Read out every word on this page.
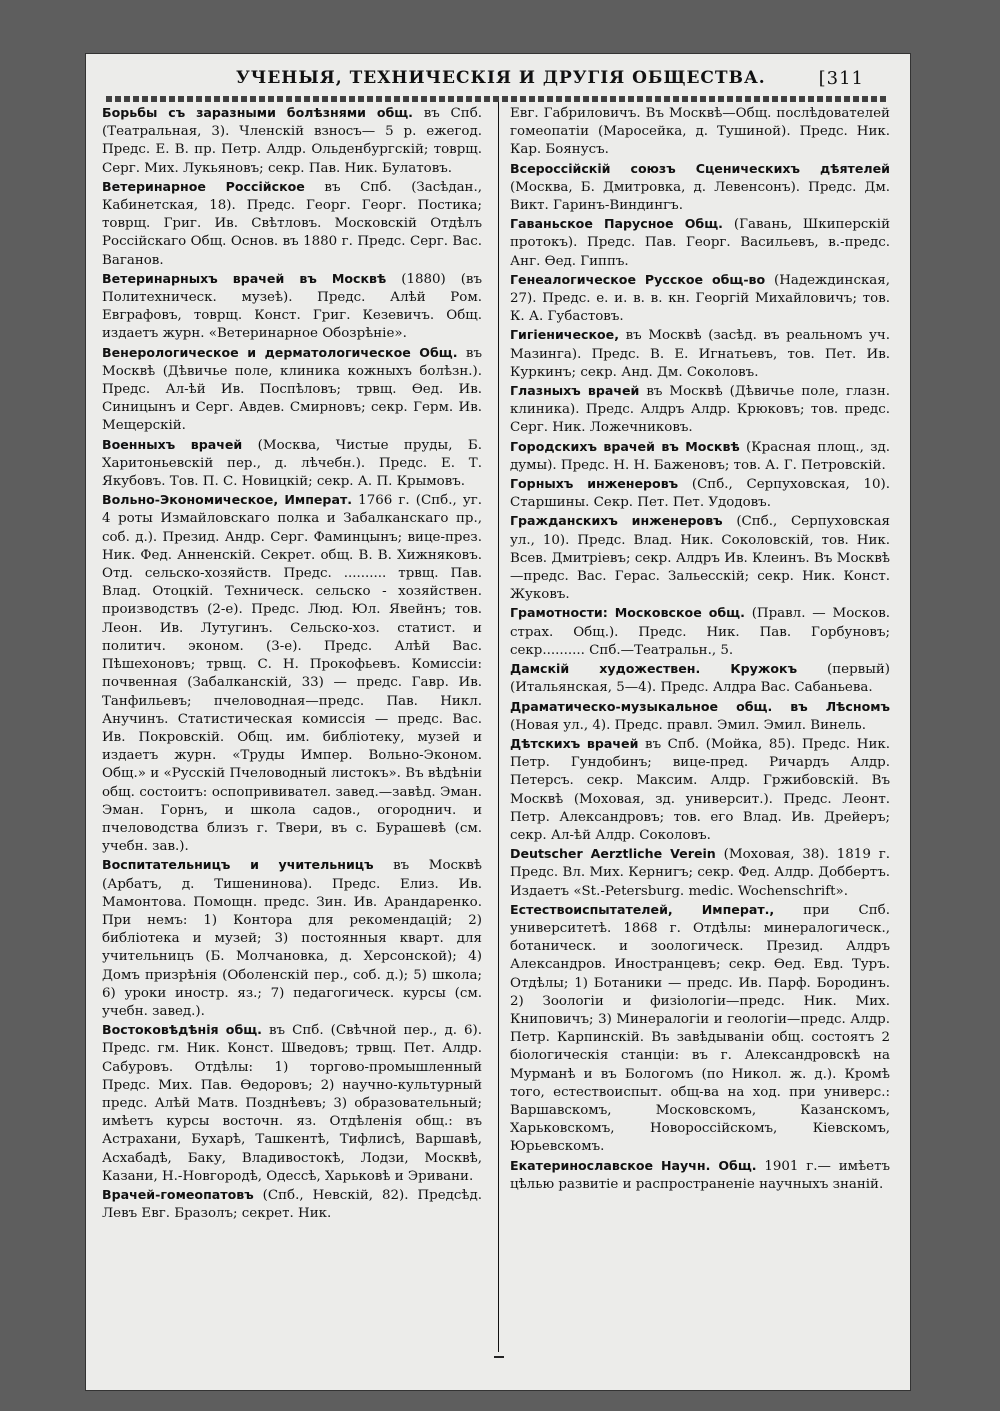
УЧЕНЫЯ, ТЕХНИЧЕСКІЯ И ДРУГІЯ ОБЩЕСТВА.	[311
Борьбы съ заразными болѣзнями общ. въ Спб. (Театральная, 3). Членскій взносъ— 5 р. ежегод. Предс. Е. В. пр. Петр. Алдр. Ольденбургскій; товрщ. Серг. Мих. Лукьяновъ; секр. Пав. Ник. Булатовъ.
Ветеринарное Россійское въ Спб. (Засѣдан., Кабинетская, 18). Предс. Георг. Георг. Постика; товрщ. Григ. Ив. Свѣтловъ. Московскій Отдѣлъ Россійскаго Общ. Основ. въ 1880 г. Предс. Серг. Вас. Ваганов.
Ветеринарныхъ врачей въ Москвѣ (1880) (въ Политехническ. музеѣ). Предс. Алѣй Ром. Евграфовъ, товрщ. Конст. Григ. Кезевичъ. Общ. издаетъ журн. «Ветеринарное Обозрѣніе».
Венерологическое и дерматологическое Общ. въ Москвѣ (Дѣвичье поле, клиника кожныхъ болѣзн.). Предс. Ал-ѣй Ив. Поспѣловъ; трвщ. Ѳед. Ив. Синицынъ и Серг. Авдев. Смирновъ; секр. Герм. Ив. Мещерскій.
Военныхъ врачей (Москва, Чистые пруды, Б. Харитоньевскій пер., д. лѣчебн.). Предс. Е. Т. Якубовъ. Тов. П. С. Новицкій; секр. А. П. Крымовъ.
Вольно-Экономическое, Императ. 1766 г. (Спб., уг. 4 роты Измайловскаго полка и Забалканскаго пр., соб. д.). Презид. Андр. Серг. Фаминцынъ; вице-през. Ник. Фед. Анненскій. Секрет. общ. В. В. Хижняковъ. Отд. сельско-хозяйств. Предс. .......... трвщ. Пав. Влад. Отоцкій. Техническ. сельско - хозяйствен. производствъ (2-е). Предс. Люд. Юл. Явейнъ; тов. Леон. Ив. Лутугинъ. Сельско-хоз. статист. и политич. эконом. (3-е). Предс. Алѣй Вас. Пѣшехоновъ; трвщ. С. Н. Прокофьевъ. Комиссіи: почвенная (Забалканскій, 33) — предс. Гавр. Ив. Танфильевъ; пчеловодная—предс. Пав. Никл. Анучинъ. Статистическая комиссія — предс. Вас. Ив. Покровскій. Общ. им. библіотеку, музей и издаетъ журн. «Труды Импер. Вольно-Эконом. Общ.» и «Русскій Пчеловодный листокъ». Въ вѣдѣніи общ. состоитъ: оспопрививател. завед.—завѣд. Эман. Эман. Горнъ, и школа садов., огороднич. и пчеловодства близъ г. Твери, въ с. Бурашевѣ (см. учебн. зав.).
Воспитательницъ и учительницъ въ Москвѣ (Арбатъ, д. Тишенинова). Предс. Елиз. Ив. Мамонтова. Помощн. предс. Зин. Ив. Арандаренко. При немъ: 1) Контора для рекомендацій; 2) библіотека и музей; 3) постоянныя кварт. для учительницъ (Б. Молчановка, д. Херсонской); 4) Домъ призрѣнія (Оболенскій пер., соб. д.); 5) школа; 6) уроки иностр. яз.; 7) педагогическ. курсы (см. учебн. завед.).
Востоковѣдѣнія общ. въ Спб. (Свѣчной пер., д. 6). Предс. гм. Ник. Конст. Шведовъ; трвщ. Пет. Алдр. Сабуровъ. Отдѣлы: 1) торгово-промышленный Предс. Мих. Пав. Ѳедоровъ; 2) научно-культурный предс. Алѣй Матв. Позднѣевъ; 3) образовательный; имѣетъ курсы восточн. яз. Отдѣленія общ.: въ Астрахани, Бухарѣ, Ташкентѣ, Тифлисѣ, Варшавѣ, Асхабадѣ, Баку, Владивостокѣ, Лодзи, Москвѣ, Казани, Н.-Новгородѣ, Одессѣ, Харьковѣ и Эривани.
Врачей-гомеопатовъ (Спб., Невскій, 82). Предсѣд. Левъ Евг. Бразолъ; секрет. Ник.
Евг. Габриловичъ. Въ Москвѣ—Общ. послѣдователей гомеопатіи (Маросейка, д. Тушиной). Предс. Ник. Кар. Боянусъ.
Всероссійскій союзъ Сценическихъ дѣятелей (Москва, Б. Дмитровка, д. Левенсонъ). Предс. Дм. Викт. Гаринъ-Виндингъ.
Гаваньское Парусное Общ. (Гавань, Шкиперскій протокъ). Предс. Пав. Георг. Васильевъ, в.-предс. Анг. Ѳед. Гиппъ.
Генеалогическое Русское общ-во (Надеждинская, 27). Предс. е. и. в. в. кн. Георгій Михайловичъ; тов. К. А. Губастовъ.
Гигіеническое, въ Москвѣ (засѣд. въ реальномъ уч. Мазинга). Предс. В. Е. Игнатьевъ, тов. Пет. Ив. Куркинъ; секр. Анд. Дм. Соколовъ.
Глазныхъ врачей въ Москвѣ (Дѣвичье поле, глазн. клиника). Предс. Алдръ Алдр. Крюковъ; тов. предс. Серг. Ник. Ложечниковъ.
Городскихъ врачей въ Москвѣ (Красная площ., зд. думы). Предс. Н. Н. Баженовъ; тов. А. Г. Петровскій.
Горныхъ инженеровъ (Спб., Серпуховская, 10). Старшины. Секр. Пет. Пет. Удодовъ.
Гражданскихъ инженеровъ (Спб., Серпуховская ул., 10). Предс. Влад. Ник. Соколовскій, тов. Ник. Всев. Дмитріевъ; секр. Алдръ Ив. Клеинъ. Въ Москвѣ—предс. Вас. Герас. Зальесскій; секр. Ник. Конст. Жуковъ.
Грамотности: Московское общ. (Правл. — Москов. страх. Общ.). Предс. Ник. Пав. Горбуновъ; секр.......... Спб.—Театральн., 5.
Дамскій художествен. Кружокъ (первый) (Итальянская, 5—4). Предс. Алдра Вас. Сабаньева.
Драматическо-музыкальное общ. въ Лѣсномъ (Новая ул., 4). Предс. правл. Эмил. Эмил. Винель.
Дѣтскихъ врачей въ Спб. (Мойка, 85). Предс. Ник. Петр. Гундобинъ; вице-пред. Ричардъ Алдр. Петерсъ. секр. Максим. Алдр. Гржибовскій. Въ Москвѣ (Моховая, зд. университ.). Предс. Леонт. Петр. Александровъ; тов. его Влад. Ив. Дрейеръ; секр. Ал-ѣй Алдр. Соколовъ.
Deutscher Aerztliche Verein (Моховая, 38). 1819 г. Предс. Вл. Мих. Кернигъ; секр. Фед. Алдр. Доббертъ. Издаетъ «St.-Petersburg. medic. Wochenschrift».
Естествоиспытателей, Императ., при Спб. университетѣ. 1868 г. Отдѣлы: минералогическ., ботаническ. и зоологическ. Презид. Алдръ Александров. Иностранцевъ; секр. Ѳед. Евд. Туръ. Отдѣлы; 1) Ботаники — предс. Ив. Парф. Бородинъ. 2) Зоологіи и физіологіи—предс. Ник. Мих. Книповичъ; 3) Минералогіи и геологіи—предс. Алдр. Петр. Карпинскій. Въ завѣдываніи общ. состоятъ 2 біологическія станціи: въ г. Александровскѣ на Мурманѣ и въ Бологомъ (по Никол. ж. д.). Кромѣ того, естествоиспыт. общ-ва на ход. при универс.: Варшавскомъ, Московскомъ, Казанскомъ, Харьковскомъ, Новороссійскомъ, Кіевскомъ, Юрьевскомъ.
Екатеринославское Научн. Общ. 1901 г.— имѣетъ цѣлью развитіе и распространеніе научныхъ знаній.
